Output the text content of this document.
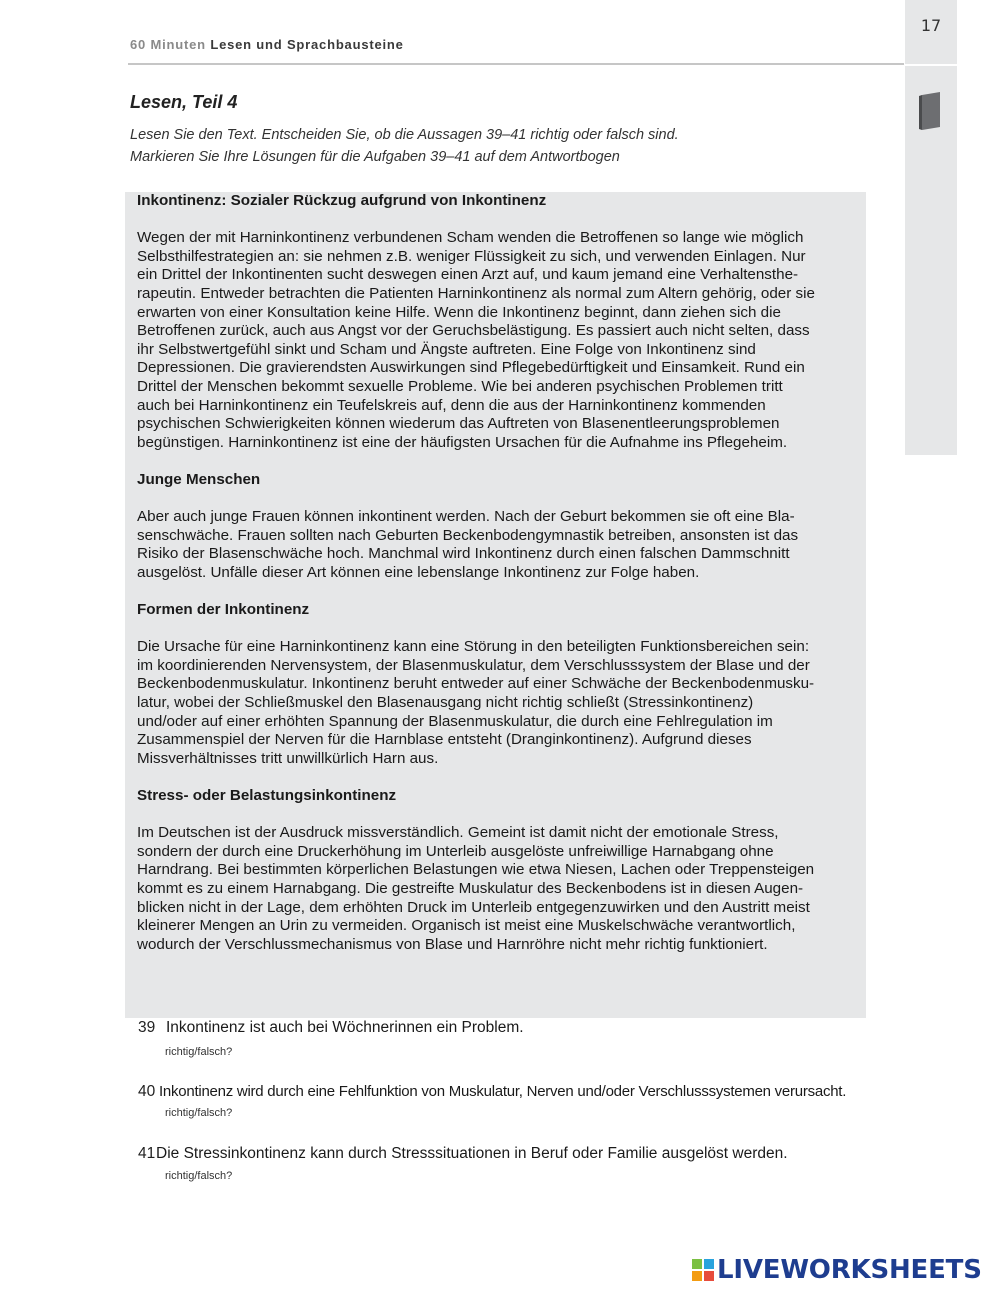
60 Minuten Lesen und Sprachbausteine
17
Lesen, Teil 4
Lesen Sie den Text. Entscheiden Sie, ob die Aussagen 39–41 richtig oder falsch sind.
Markieren Sie Ihre Lösungen für die Aufgaben 39–41 auf dem Antwortbogen

Inkontinenz: Sozialer Rückzug aufgrund von Inkontinenz

Wegen der mit Harninkontinenz verbundenen Scham wenden die Betroffenen so lange wie möglich
Selbsthilfestrategien an: sie nehmen z.B. weniger Flüssigkeit zu sich, und verwenden Einlagen. Nur
ein Drittel der Inkontinenten sucht deswegen einen Arzt auf, und kaum jemand eine Verhaltensthe-
rapeutin. Entweder betrachten die Patienten Harninkontinenz als normal zum Altern gehörig, oder sie
erwarten von einer Konsultation keine Hilfe. Wenn die Inkontinenz beginnt, dann ziehen sich die
Betroffenen zurück, auch aus Angst vor der Geruchsbelästigung. Es passiert auch nicht selten, dass
ihr Selbstwertgefühl sinkt und Scham und Ängste auftreten. Eine Folge von Inkontinenz sind
Depressionen. Die gravierendsten Auswirkungen sind Pflegebedürftigkeit und Einsamkeit. Rund ein
Drittel der Menschen bekommt sexuelle Probleme. Wie bei anderen psychischen Problemen tritt
auch bei Harninkontinenz ein Teufelskreis auf, denn die aus der Harninkontinenz kommenden
psychischen Schwierigkeiten können wiederum das Auftreten von Blasenentleerungsproblemen
begünstigen. Harninkontinenz ist eine der häufigsten Ursachen für die Aufnahme ins Pflegeheim.

Junge Menschen

Aber auch junge Frauen können inkontinent werden. Nach der Geburt bekommen sie oft eine Bla-
senschwäche. Frauen sollten nach Geburten Beckenbodengymnastik betreiben, ansonsten ist das
Risiko der Blasenschwäche hoch. Manchmal wird Inkontinenz durch einen falschen Dammschnitt
ausgelöst. Unfälle dieser Art können eine lebenslange Inkontinenz zur Folge haben.

Formen der Inkontinenz

Die Ursache für eine Harninkontinenz kann eine Störung in den beteiligten Funktionsbereichen sein:
im koordinierenden Nervensystem, der Blasenmuskulatur, dem Verschlusssystem der Blase und der
Beckenbodenmuskulatur. Inkontinenz beruht entweder auf einer Schwäche der Beckenbodenmusku-
latur, wobei der Schließmuskel den Blasenausgang nicht richtig schließt (Stressinkontinenz)
und/oder auf einer erhöhten Spannung der Blasenmuskulatur, die durch eine Fehlregulation im
Zusammenspiel der Nerven für die Harnblase entsteht (Dranginkontinenz). Aufgrund dieses
Missverhältnisses tritt unwillkürlich Harn aus.

Stress- oder Belastungsinkontinenz

Im Deutschen ist der Ausdruck missverständlich. Gemeint ist damit nicht der emotionale Stress,
sondern der durch eine Druckerhöhung im Unterleib ausgelöste unfreiwillige Harnabgang ohne
Harndrang. Bei bestimmten körperlichen Belastungen wie etwa Niesen, Lachen oder Treppensteigen
kommt es zu einem Harnabgang. Die gestreifte Muskulatur des Beckenbodens ist in diesen Augen-
blicken nicht in der Lage, dem erhöhten Druck im Unterleib entgegenzuwirken und den Austritt meist
kleinerer Mengen an Urin zu vermeiden. Organisch ist meist eine Muskelschwäche verantwortlich,
wodurch der Verschlussmechanismus von Blase und Harnröhre nicht mehr richtig funktioniert.

39 Inkontinenz ist auch bei Wöchnerinnen ein Problem.
richtig/falsch?
40 Inkontinenz wird durch eine Fehlfunktion von Muskulatur, Nerven und/oder Verschlusssystemen verursacht.
richtig/falsch?
41 Die Stressinkontinenz kann durch Stresssituationen in Beruf oder Familie ausgelöst werden.
richtig/falsch?
LIVEWORKSHEETS
